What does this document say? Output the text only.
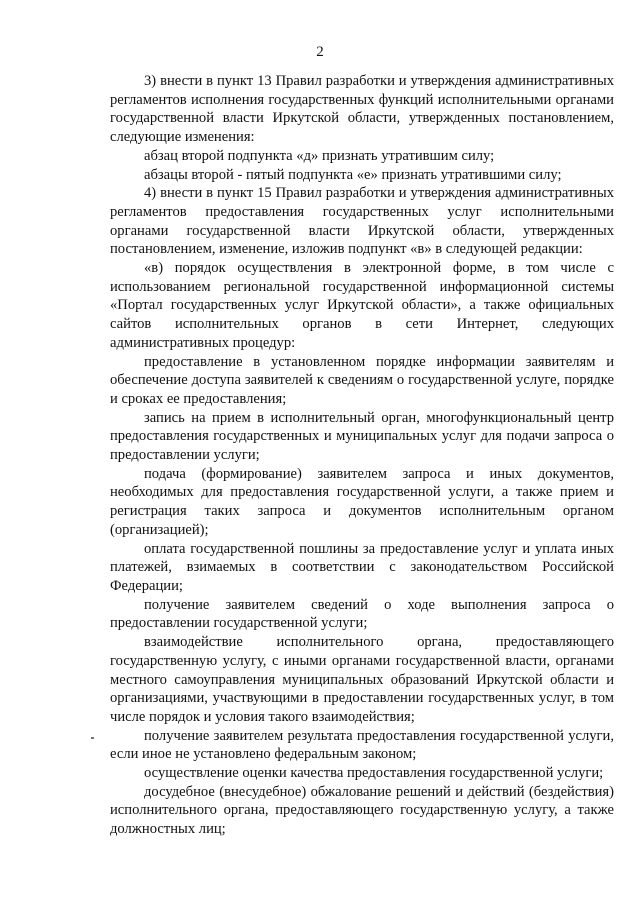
2

3) внести в пункт 13 Правил разработки и утверждения административных регламентов исполнения государственных функций исполнительными органами государственной власти Иркутской области, утвержденных постановлением, следующие изменения:

абзац второй подпункта «д» признать утратившим силу;

абзацы второй - пятый подпункта «е» признать утратившими силу;

4) внести в пункт 15 Правил разработки и утверждения административных регламентов предоставления государственных услуг исполнительными органами государственной власти Иркутской области, утвержденных постановлением, изменение, изложив подпункт «в» в следующей редакции:

«в) порядок осуществления в электронной форме, в том числе с использованием региональной государственной информационной системы «Портал государственных услуг Иркутской области», а также официальных сайтов исполнительных органов в сети Интернет, следующих административных процедур:

предоставление в установленном порядке информации заявителям и обеспечение доступа заявителей к сведениям о государственной услуге, порядке и сроках ее предоставления;

запись на прием в исполнительный орган, многофункциональный центр предоставления государственных и муниципальных услуг для подачи запроса о предоставлении услуги;

подача (формирование) заявителем запроса и иных документов, необходимых для предоставления государственной услуги, а также прием и регистрация таких запроса и документов исполнительным органом (организацией);

оплата государственной пошлины за предоставление услуг и уплата иных платежей, взимаемых в соответствии с законодательством Российской Федерации;

получение заявителем сведений о ходе выполнения запроса о предоставлении государственной услуги;

взаимодействие исполнительного органа, предоставляющего государственную услугу, с иными органами государственной власти, органами местного самоуправления муниципальных образований Иркутской области и организациями, участвующими в предоставлении государственных услуг, в том числе порядок и условия такого взаимодействия;

получение заявителем результата предоставления государственной услуги, если иное не установлено федеральным законом;

осуществление оценки качества предоставления государственной услуги;

досудебное (внесудебное) обжалование решений и действий (бездействия) исполнительного органа, предоставляющего государственную услугу, а также должностных лиц;
